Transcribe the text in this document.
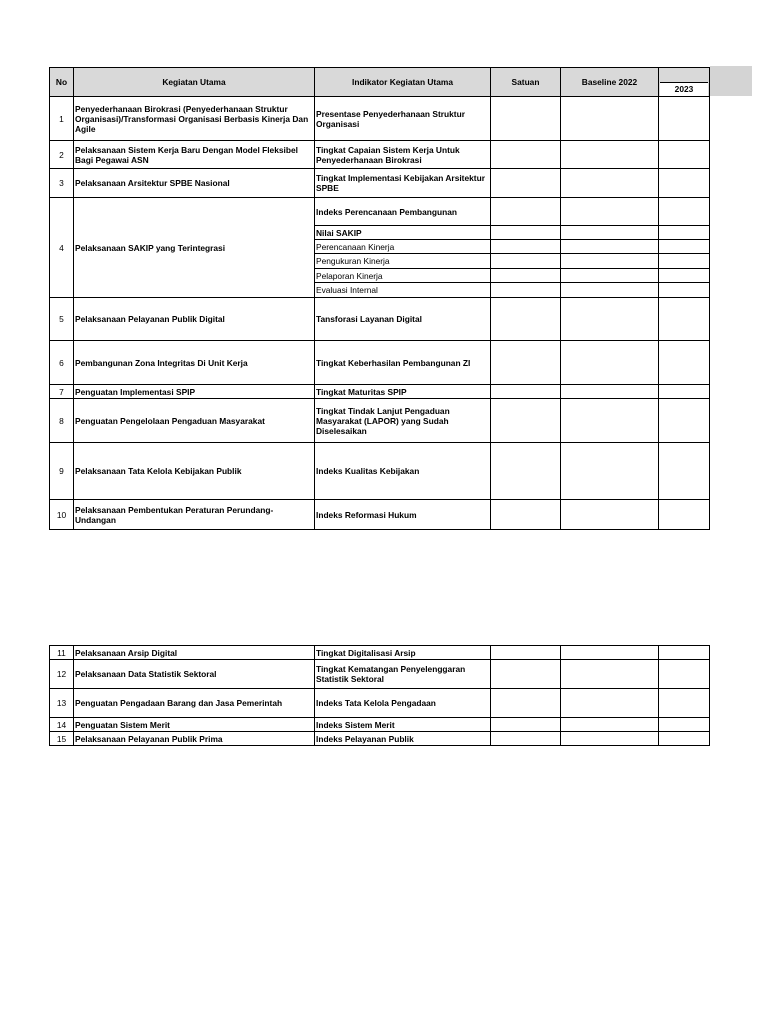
No	Kegiatan Utama	Indikator Kegiatan Utama	Satuan	Baseline 2022	2023

1	Penyederhanaan Birokrasi (Penyederhanaan Struktur Organisasi)/Transformasi Organisasi Berbasis Kinerja Dan Agile	Presentase Penyederhanaan Struktur Organisasi			
2	Pelaksanaan Sistem Kerja Baru Dengan Model Fleksibel Bagi Pegawai ASN	Tingkat Capaian Sistem Kerja Untuk Penyederhanaan Birokrasi			
3	Pelaksanaan Arsitektur SPBE Nasional	Tingkat Implementasi Kebijakan Arsitektur SPBE			
4	Pelaksanaan SAKIP yang Terintegrasi	Indeks Perencanaan Pembangunan			
		Nilai SAKIP			
		Perencanaan Kinerja			
		Pengukuran Kinerja			
		Pelaporan Kinerja			
		Evaluasi Internal			
5	Pelaksanaan Pelayanan Publik Digital	Tansforasi Layanan Digital			
6	Pembangunan Zona Integritas Di Unit Kerja	Tingkat Keberhasilan Pembangunan ZI			
7	Penguatan Implementasi SPIP	Tingkat Maturitas SPIP			
8	Penguatan Pengelolaan Pengaduan Masyarakat	Tingkat Tindak Lanjut Pengaduan Masyarakat (LAPOR) yang Sudah Diselesaikan			
9	Pelaksanaan Tata Kelola Kebijakan Publik	Indeks Kualitas Kebijakan			
10	Pelaksanaan Pembentukan Peraturan Perundang-Undangan	Indeks Reformasi Hukum			
11	Pelaksanaan Arsip Digital	Tingkat Digitalisasi Arsip			
12	Pelaksanaan Data Statistik Sektoral	Tingkat Kematangan Penyelenggaran Statistik Sektoral			
13	Penguatan Pengadaan Barang dan Jasa Pemerintah	Indeks Tata Kelola Pengadaan			
14	Penguatan Sistem Merit	Indeks Sistem Merit			
15	Pelaksanaan Pelayanan Publik Prima	Indeks Pelayanan Publik			
